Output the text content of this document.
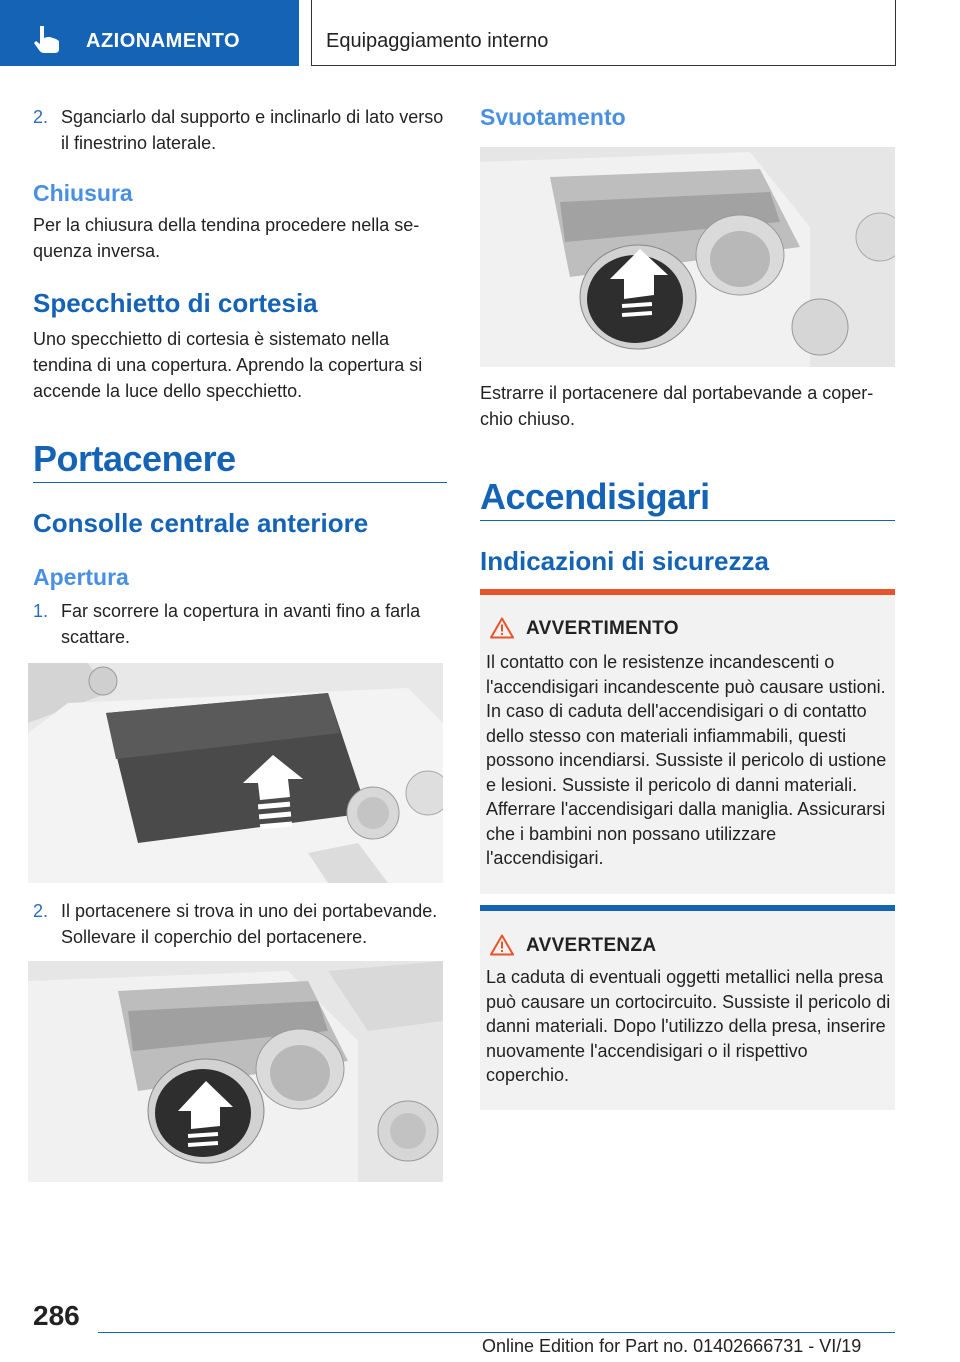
AZIONAMENTO	Equipaggiamento interno
2. Sganciarlo dal supporto e inclinarlo di lato verso il finestrino laterale.
Chiusura
Per la chiusura della tendina procedere nella sequenza inversa.
Specchietto di cortesia
Uno specchietto di cortesia è sistemato nella tendina di una copertura. Aprendo la copertura si accende la luce dello specchietto.
Portacenere
Consolle centrale anteriore
Apertura
1. Far scorrere la copertura in avanti fino a farla scattare.
2. Il portacenere si trova in uno dei portabevande. Sollevare il coperchio del portacenere.
Svuotamento
Estrarre il portacenere dal portabevande a coperchio chiuso.
Accendisigari
Indicazioni di sicurezza
AVVERTIMENTO
Il contatto con le resistenze incandescenti o l'accendisigari incandescente può causare ustioni. In caso di caduta dell'accendisigari o di contatto dello stesso con materiali infiammabili, questi possono incendiarsi. Sussiste il pericolo di ustione e lesioni. Sussiste il pericolo di danni materiali. Afferrare l'accendisigari dalla maniglia. Assicurarsi che i bambini non possano utilizzare l'accendisigari.
AVVERTENZA
La caduta di eventuali oggetti metallici nella presa può causare un cortocircuito. Sussiste il pericolo di danni materiali. Dopo l'utilizzo della presa, inserire nuovamente l'accendisigari o il rispettivo coperchio.
286
Online Edition for Part no. 01402666731 - VI/19
